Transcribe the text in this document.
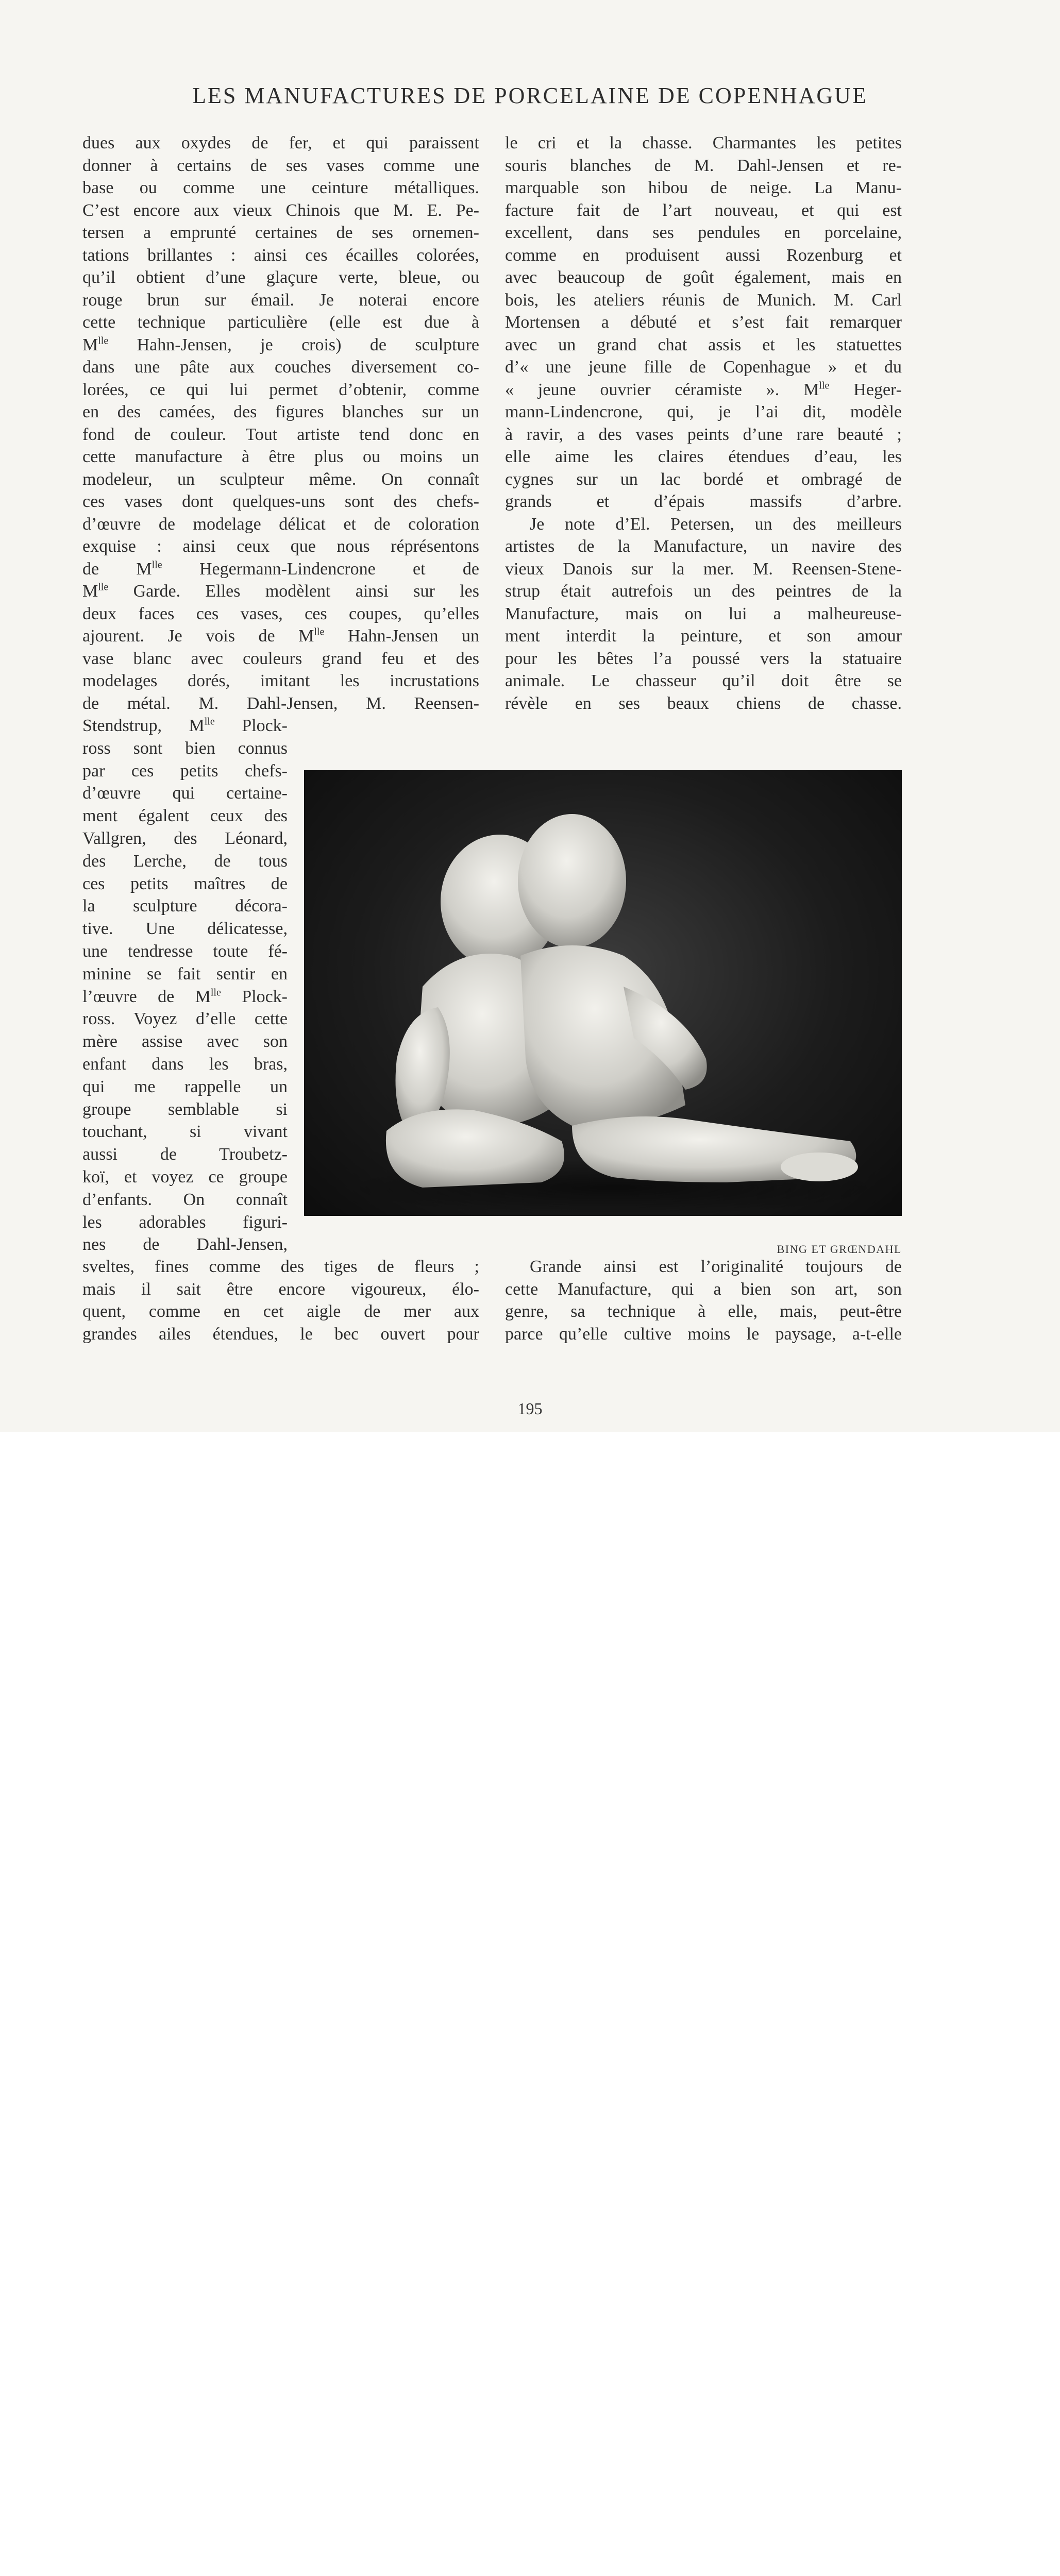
LES MANUFACTURES DE PORCELAINE DE COPENHAGUE
dues aux oxydes de fer, et qui paraissent
donner à certains de ses vases comme une
base ou comme une ceinture métalliques.
C’est encore aux vieux Chinois que M. E. Pe-
tersen a emprunté certaines de ses ornemen-
tations brillantes : ainsi ces écailles colorées,
qu’il obtient d’une glaçure verte, bleue, ou
rouge brun sur émail. Je noterai encore
cette technique particulière (elle est due à
$M^{lle}$ Hahn-Jensen, je crois) de sculpture
dans une pâte aux couches diversement co-
lorées, ce qui lui permet d’obtenir, comme
en des camées, des figures blanches sur un
fond de couleur. Tout artiste tend donc en
cette manufacture à être plus ou moins un
modeleur, un sculpteur même. On connaît
ces vases dont quelques-uns sont des chefs-
d’œuvre de modelage délicat et de coloration
exquise : ainsi ceux que nous réprésentons
de $M^{lle}$ Hegermann-Lindencrone et de
$M^{lle}$ Garde. Elles modèlent ainsi sur les
deux faces ces vases, ces coupes, qu’elles
ajourent. Je vois de $M^{lle}$ Hahn-Jensen un
vase blanc avec couleurs grand feu et des
modelages dorés, imitant les incrustations
de métal. M. Dahl-Jensen, M. Reensen-
Stendstrup, $M^{lle}$ Plock-
ross sont bien connus
par ces petits chefs-
d’œuvre qui certaine-
ment égalent ceux des
Vallgren, des Léonard,
des Lerche, de tous
ces petits maîtres de
la sculpture décora-
tive. Une délicatesse,
une tendresse toute fé-
minine se fait sentir en
l’œuvre de $M^{lle}$ Plock-
ross. Voyez d’elle cette
mère assise avec son
enfant dans les bras,
qui me rappelle un
groupe semblable si
touchant, si vivant
aussi de Troubetz-
koï, et voyez ce groupe
d’enfants. On connaît
les adorables figuri-
nes de Dahl-Jensen,
sveltes, fines comme des tiges de fleurs ;
mais il sait être encore vigoureux, élo-
quent, comme en cet aigle de mer aux
grandes ailes étendues, le bec ouvert pour
le cri et la chasse. Charmantes les petites
souris blanches de M. Dahl-Jensen et re-
marquable son hibou de neige. La Manu-
facture fait de l’art nouveau, et qui est
excellent, dans ses pendules en porcelaine,
comme en produisent aussi Rozenburg et
avec beaucoup de goût également, mais en
bois, les ateliers réunis de Munich. M. Carl
Mortensen a débuté et s’est fait remarquer
avec un grand chat assis et les statuettes
d’« une jeune fille de Copenhague » et du
« jeune ouvrier céramiste ». $M^{lle}$ Heger-
mann-Lindencrone, qui, je l’ai dit, modèle
à ravir, a des vases peints d’une rare beauté ;
elle aime les claires étendues d’eau, les
cygnes sur un lac bordé et ombragé de
grands et d’épais massifs d’arbre.
Je note d’El. Petersen, un des meilleurs
artistes de la Manufacture, un navire des
vieux Danois sur la mer. M. Reensen-Stene-
strup était autrefois un des peintres de la
Manufacture, mais on lui a malheureuse-
ment interdit la peinture, et son amour
pour les bêtes l’a poussé vers la statuaire
animale. Le chasseur qu’il doit être se
révèle en ses beaux chiens de chasse.
Grande ainsi est l’originalité toujours de
cette Manufacture, qui a bien son art, son
genre, sa technique à elle, mais, peut-être
parce qu’elle cultive moins le paysage, a-t-elle
BING ET GRŒNDAHL
195
